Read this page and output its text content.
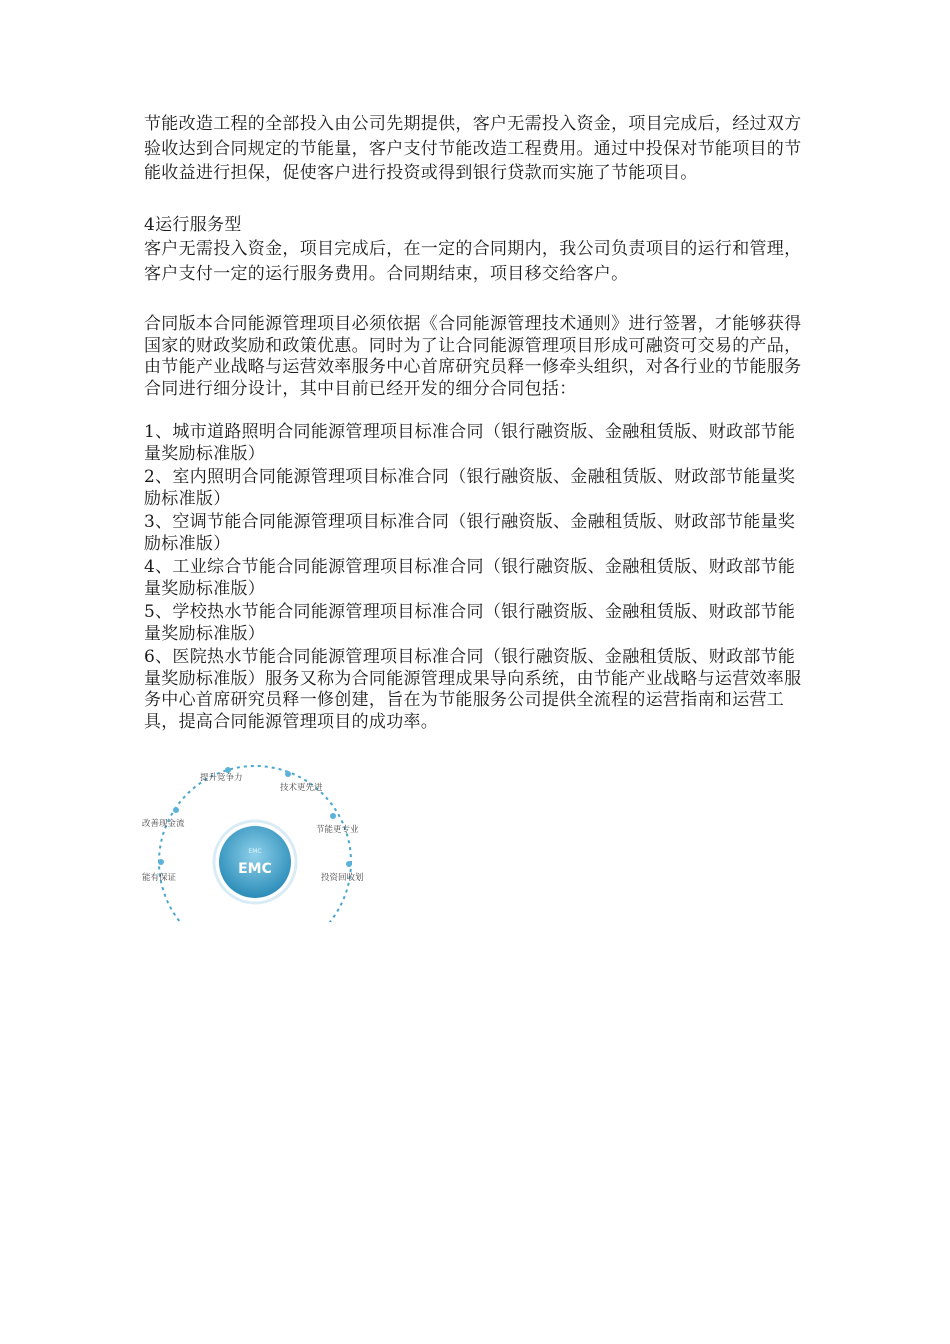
节能改造工程的全部投入由公司先期提供，客户无需投入资金，项目完成后，经过双方验收达到合同规定的节能量，客户支付节能改造工程费用。通过中投保对节能项目的节能收益进行担保，促使客户进行投资或得到银行贷款而实施了节能项目。

4运行服务型

客户无需投入资金，项目完成后，在一定的合同期内，我公司负责项目的运行和管理，客户支付一定的运行服务费用。合同期结束，项目移交给客户。

合同版本合同能源管理项目必须依据《合同能源管理技术通则》进行签署，才能够获得国家的财政奖励和政策优惠。同时为了让合同能源管理项目形成可融资可交易的产品，由节能产业战略与运营效率服务中心首席研究员释一修牵头组织，对各行业的节能服务合同进行细分设计，其中目前已经开发的细分合同包括：

1、城市道路照明合同能源管理项目标准合同（银行融资版、金融租赁版、财政部节能量奖励标准版）

2、室内照明合同能源管理项目标准合同（银行融资版、金融租赁版、财政部节能量奖励标准版）

3、空调节能合同能源管理项目标准合同（银行融资版、金融租赁版、财政部节能量奖励标准版）

4、工业综合节能合同能源管理项目标准合同（银行融资版、金融租赁版、财政部节能量奖励标准版）

5、学校热水节能合同能源管理项目标准合同（银行融资版、金融租赁版、财政部节能量奖励标准版）

6、医院热水节能合同能源管理项目标准合同（银行融资版、金融租赁版、财政部节能量奖励标准版）服务又称为合同能源管理成果导向系统，由节能产业战略与运营效率服务中心首席研究员释一修创建，旨在为节能服务公司提供全流程的运营指南和运营工具，提高合同能源管理项目的成功率。

EMC
EMC
提升竞争力
技术更先进
节能更专业
投资回收划
改善现金流
能有保证
